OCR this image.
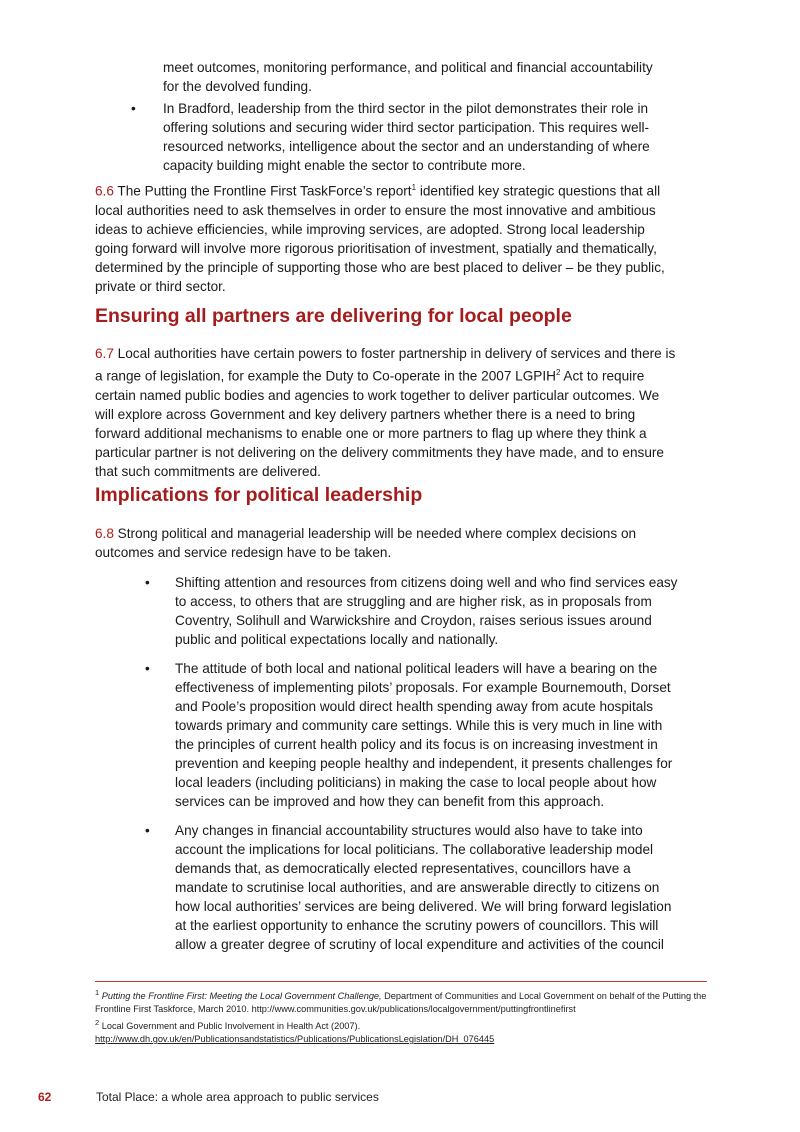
meet outcomes, monitoring performance, and political and financial accountability
for the devolved funding.

• In Bradford, leadership from the third sector in the pilot demonstrates their role in
offering solutions and securing wider third sector participation. This requires well-
resourced networks, intelligence about the sector and an understanding of where
capacity building might enable the sector to contribute more.

6.6 The Putting the Frontline First TaskForce’s report$^1$ identified key strategic questions that all
local authorities need to ask themselves in order to ensure the most innovative and ambitious
ideas to achieve efficiencies, while improving services, are adopted. Strong local leadership
going forward will involve more rigorous prioritisation of investment, spatially and thematically,
determined by the principle of supporting those who are best placed to deliver – be they public,
private or third sector.

Ensuring all partners are delivering for local people

6.7 Local authorities have certain powers to foster partnership in delivery of services and there is
a range of legislation, for example the Duty to Co-operate in the 2007 LGPIH$^2$ Act to require
certain named public bodies and agencies to work together to deliver particular outcomes. We
will explore across Government and key delivery partners whether there is a need to bring
forward additional mechanisms to enable one or more partners to flag up where they think a
particular partner is not delivering on the delivery commitments they have made, and to ensure
that such commitments are delivered.

Implications for political leadership

6.8 Strong political and managerial leadership will be needed where complex decisions on
outcomes and service redesign have to be taken.

• Shifting attention and resources from citizens doing well and who find services easy
to access, to others that are struggling and are higher risk, as in proposals from
Coventry, Solihull and Warwickshire and Croydon, raises serious issues around
public and political expectations locally and nationally.

• The attitude of both local and national political leaders will have a bearing on the
effectiveness of implementing pilots’ proposals. For example Bournemouth, Dorset
and Poole’s proposition would direct health spending away from acute hospitals
towards primary and community care settings. While this is very much in line with
the principles of current health policy and its focus is on increasing investment in
prevention and keeping people healthy and independent, it presents challenges for
local leaders (including politicians) in making the case to local people about how
services can be improved and how they can benefit from this approach.

• Any changes in financial accountability structures would also have to take into
account the implications for local politicians. The collaborative leadership model
demands that, as democratically elected representatives, councillors have a
mandate to scrutinise local authorities, and are answerable directly to citizens on
how local authorities’ services are being delivered. We will bring forward legislation
at the earliest opportunity to enhance the scrutiny powers of councillors. This will
allow a greater degree of scrutiny of local expenditure and activities of the council

$^1$ Putting the Frontline First: Meeting the Local Government Challenge, Department of Communities and Local Government on behalf of the Putting the
Frontline First Taskforce, March 2010. http://www.communities.gov.uk/publications/localgovernment/puttingfrontlinefirst
$^2$ Local Government and Public Involvement in Health Act (2007).
http://www.dh.gov.uk/en/Publicationsandstatistics/Publications/PublicationsLegislation/DH_076445
62	Total Place: a whole area approach to public services
